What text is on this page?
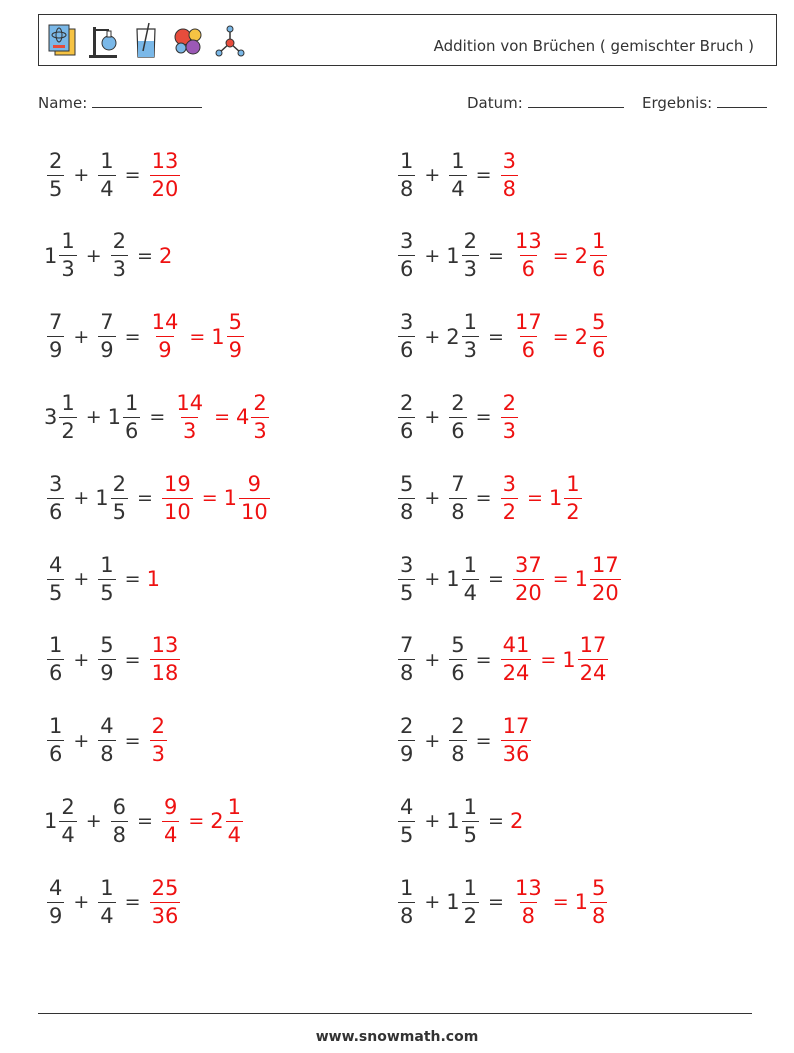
Addition von Brüchen ( gemischter Bruch )
Name:	Datum:	Ergebnis:
$\frac{2}{5} + \frac{1}{4} = \frac{13}{20}$
$1 \frac{1}{3} + \frac{2}{3} = 2$
$\frac{7}{9} + \frac{7}{9} = \frac{14}{9} = 1 \frac{5}{9}$
$3 \frac{1}{2} + 1 \frac{1}{6} = \frac{14}{3} = 4 \frac{2}{3}$
$\frac{3}{6} + 1 \frac{2}{5} = \frac{19}{10} = 1 \frac{9}{10}$
$\frac{4}{5} + \frac{1}{5} = 1$
$\frac{1}{6} + \frac{5}{9} = \frac{13}{18}$
$\frac{1}{6} + \frac{4}{8} = \frac{2}{3}$
$1 \frac{2}{4} + \frac{6}{8} = \frac{9}{4} = 2 \frac{1}{4}$
$\frac{4}{9} + \frac{1}{4} = \frac{25}{36}$
$\frac{1}{8} + \frac{1}{4} = \frac{3}{8}$
$\frac{3}{6} + 1 \frac{2}{3} = \frac{13}{6} = 2 \frac{1}{6}$
$\frac{3}{6} + 2 \frac{1}{3} = \frac{17}{6} = 2 \frac{5}{6}$
$\frac{2}{6} + \frac{2}{6} = \frac{2}{3}$
$\frac{5}{8} + \frac{7}{8} = \frac{3}{2} = 1 \frac{1}{2}$
$\frac{3}{5} + 1 \frac{1}{4} = \frac{37}{20} = 1 \frac{17}{20}$
$\frac{7}{8} + \frac{5}{6} = \frac{41}{24} = 1 \frac{17}{24}$
$\frac{2}{9} + \frac{2}{8} = \frac{17}{36}$
$\frac{4}{5} + 1 \frac{1}{5} = 2$
$\frac{1}{8} + 1 \frac{1}{2} = \frac{13}{8} = 1 \frac{5}{8}$
www.snowmath.com
